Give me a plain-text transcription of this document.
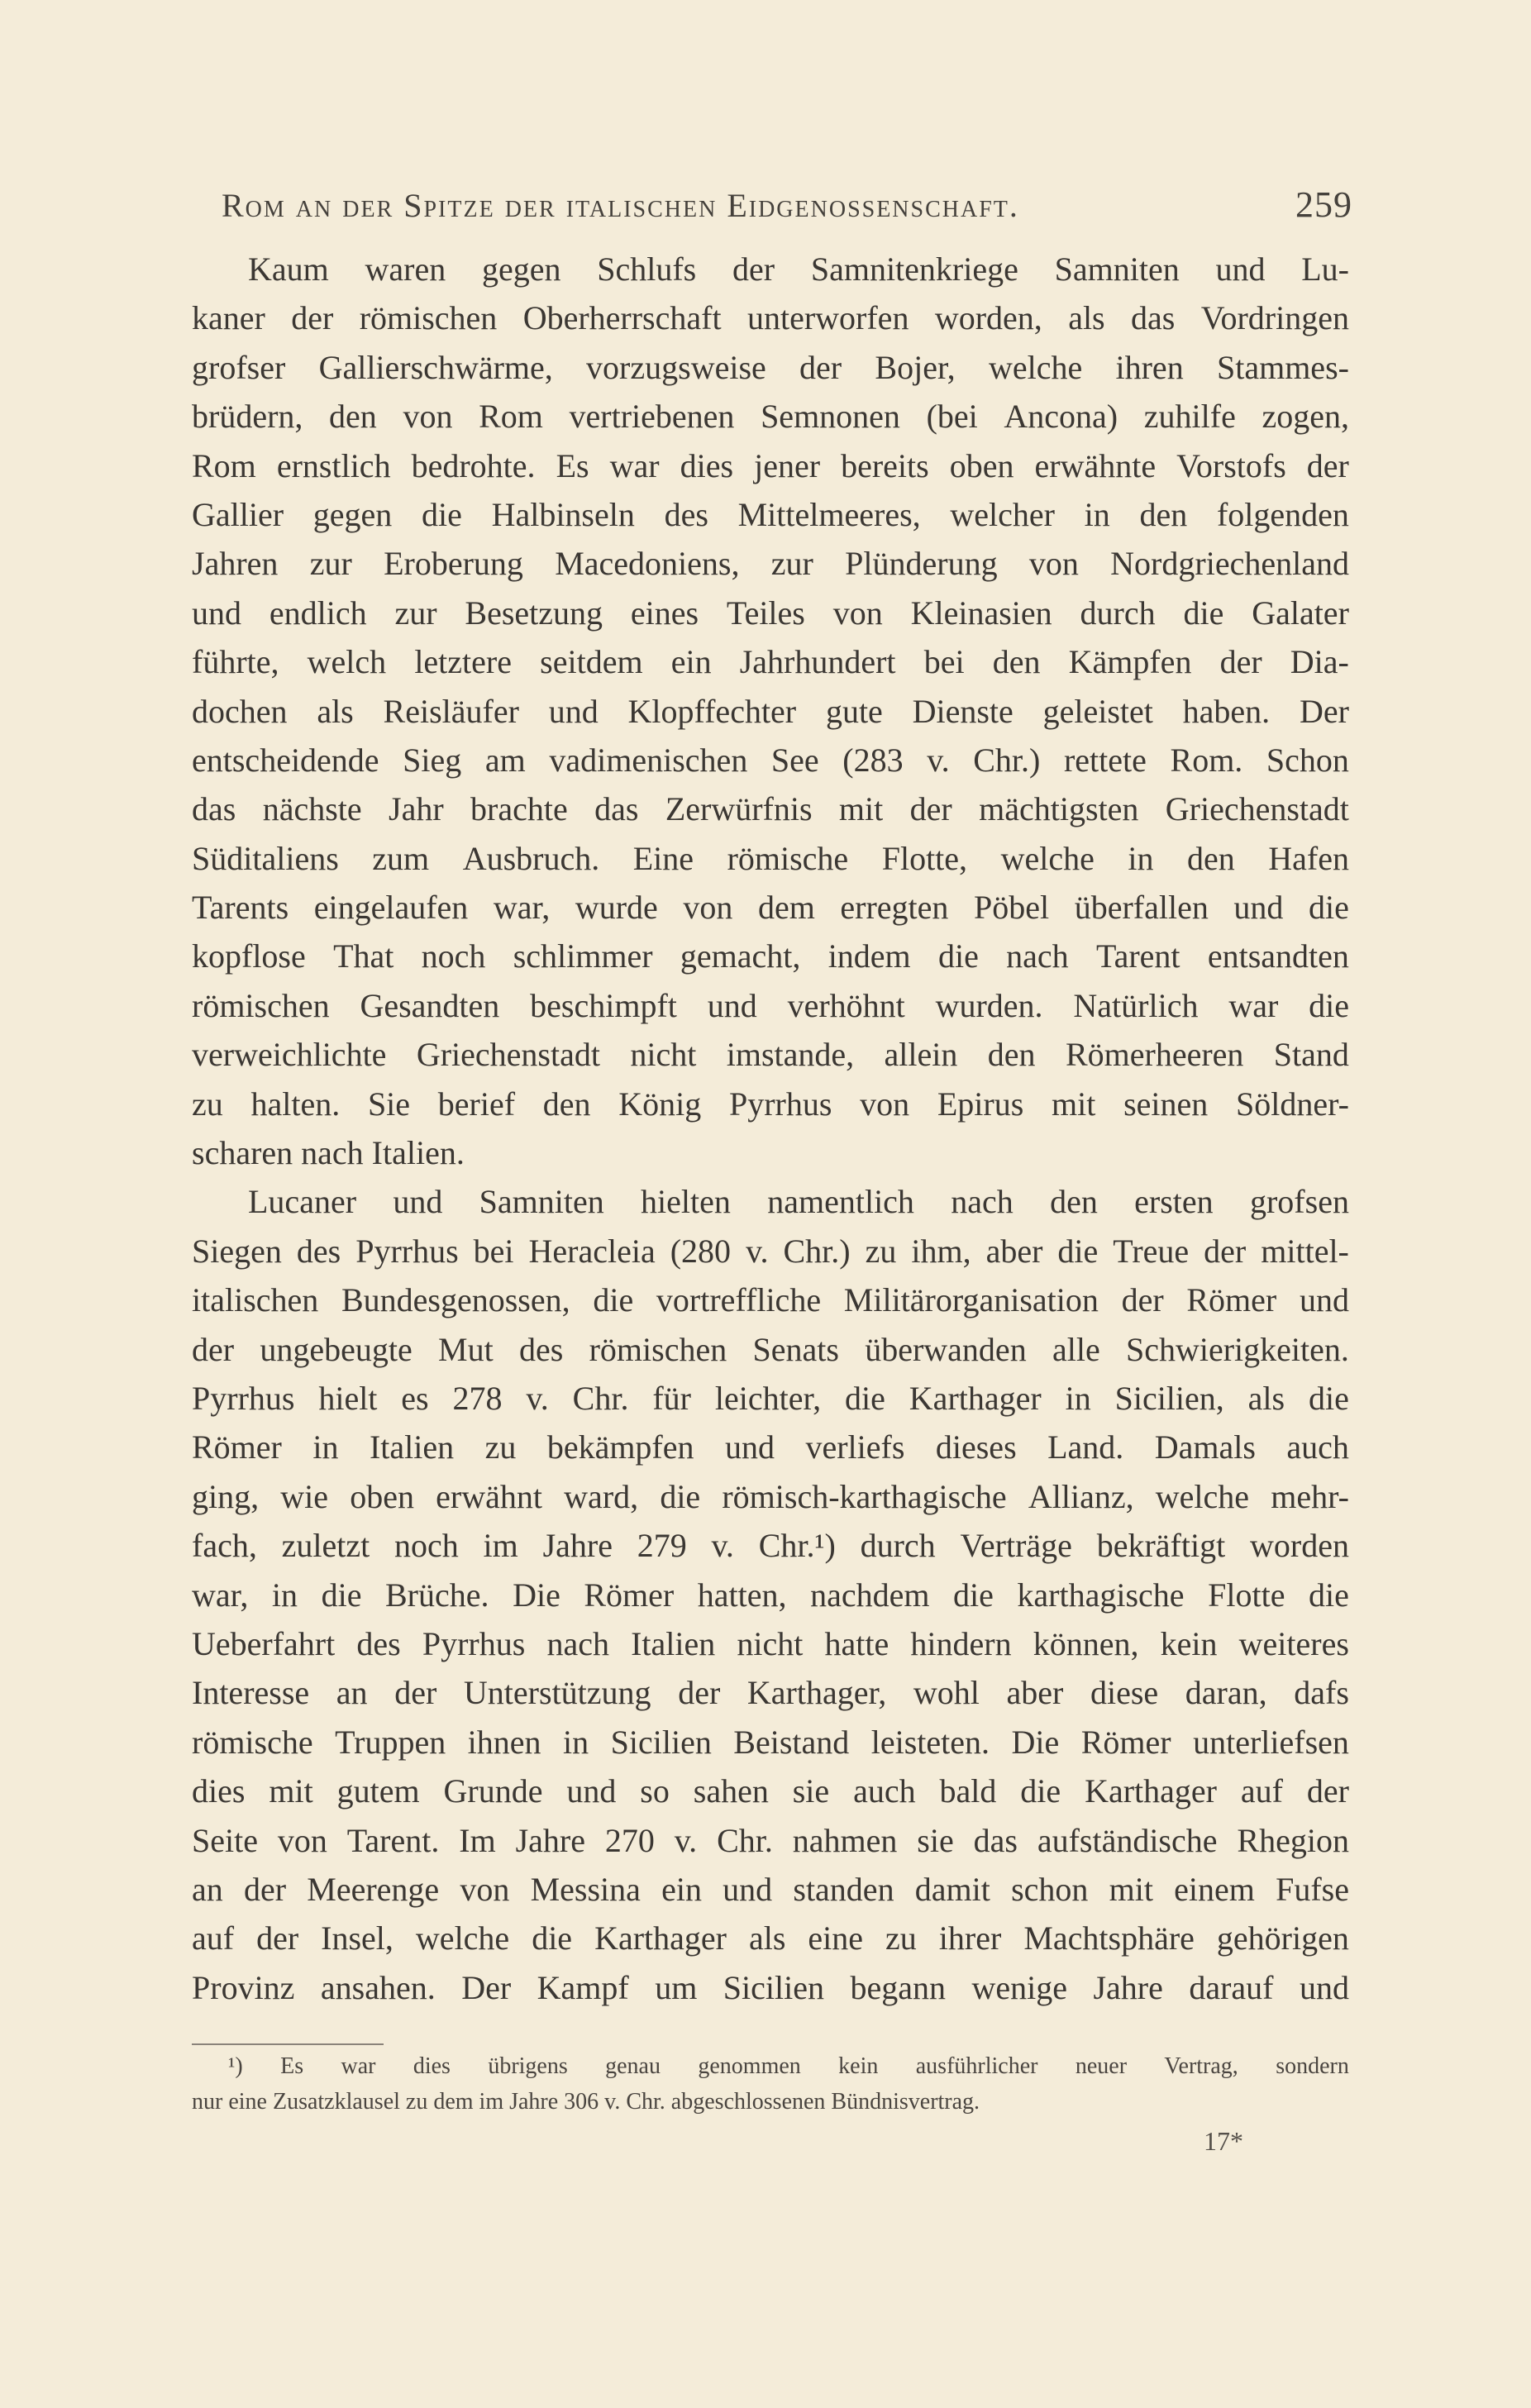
Rom an der Spitze der italischen Eidgenossenschaft.	259
Kaum waren gegen Schlufs der Samnitenkriege Samniten und Lu-
kaner der römischen Oberherrschaft unterworfen worden, als das Vordringen
grofser Gallierschwärme, vorzugsweise der Bojer, welche ihren Stammes-
brüdern, den von Rom vertriebenen Semnonen (bei Ancona) zuhilfe zogen,
Rom ernstlich bedrohte. Es war dies jener bereits oben erwähnte Vorstofs der
Gallier gegen die Halbinseln des Mittelmeeres, welcher in den folgenden
Jahren zur Eroberung Macedoniens, zur Plünderung von Nordgriechenland
und endlich zur Besetzung eines Teiles von Kleinasien durch die Galater
führte, welch letztere seitdem ein Jahrhundert bei den Kämpfen der Dia-
dochen als Reisläufer und Klopffechter gute Dienste geleistet haben. Der
entscheidende Sieg am vadimenischen See (283 v. Chr.) rettete Rom. Schon
das nächste Jahr brachte das Zerwürfnis mit der mächtigsten Griechenstadt
Süditaliens zum Ausbruch. Eine römische Flotte, welche in den Hafen
Tarents eingelaufen war, wurde von dem erregten Pöbel überfallen und die
kopflose That noch schlimmer gemacht, indem die nach Tarent entsandten
römischen Gesandten beschimpft und verhöhnt wurden. Natürlich war die
verweichlichte Griechenstadt nicht imstande, allein den Römerheeren Stand
zu halten. Sie berief den König Pyrrhus von Epirus mit seinen Söldner-
scharen nach Italien.
Lucaner und Samniten hielten namentlich nach den ersten grofsen
Siegen des Pyrrhus bei Heracleia (280 v. Chr.) zu ihm, aber die Treue der mittel-
italischen Bundesgenossen, die vortreffliche Militärorganisation der Römer und
der ungebeugte Mut des römischen Senats überwanden alle Schwierigkeiten.
Pyrrhus hielt es 278 v. Chr. für leichter, die Karthager in Sicilien, als die
Römer in Italien zu bekämpfen und verliefs dieses Land. Damals auch
ging, wie oben erwähnt ward, die römisch-karthagische Allianz, welche mehr-
fach, zuletzt noch im Jahre 279 v. Chr.¹) durch Verträge bekräftigt worden
war, in die Brüche. Die Römer hatten, nachdem die karthagische Flotte die
Ueberfahrt des Pyrrhus nach Italien nicht hatte hindern können, kein weiteres
Interesse an der Unterstützung der Karthager, wohl aber diese daran, dafs
römische Truppen ihnen in Sicilien Beistand leisteten. Die Römer unterliefsen
dies mit gutem Grunde und so sahen sie auch bald die Karthager auf der
Seite von Tarent. Im Jahre 270 v. Chr. nahmen sie das aufständische Rhegion
an der Meerenge von Messina ein und standen damit schon mit einem Fufse
auf der Insel, welche die Karthager als eine zu ihrer Machtsphäre gehörigen
Provinz ansahen. Der Kampf um Sicilien begann wenige Jahre darauf und
¹) Es war dies übrigens genau genommen kein ausführlicher neuer Vertrag, sondern
nur eine Zusatzklausel zu dem im Jahre 306 v. Chr. abgeschlossenen Bündnisvertrag.
17*
